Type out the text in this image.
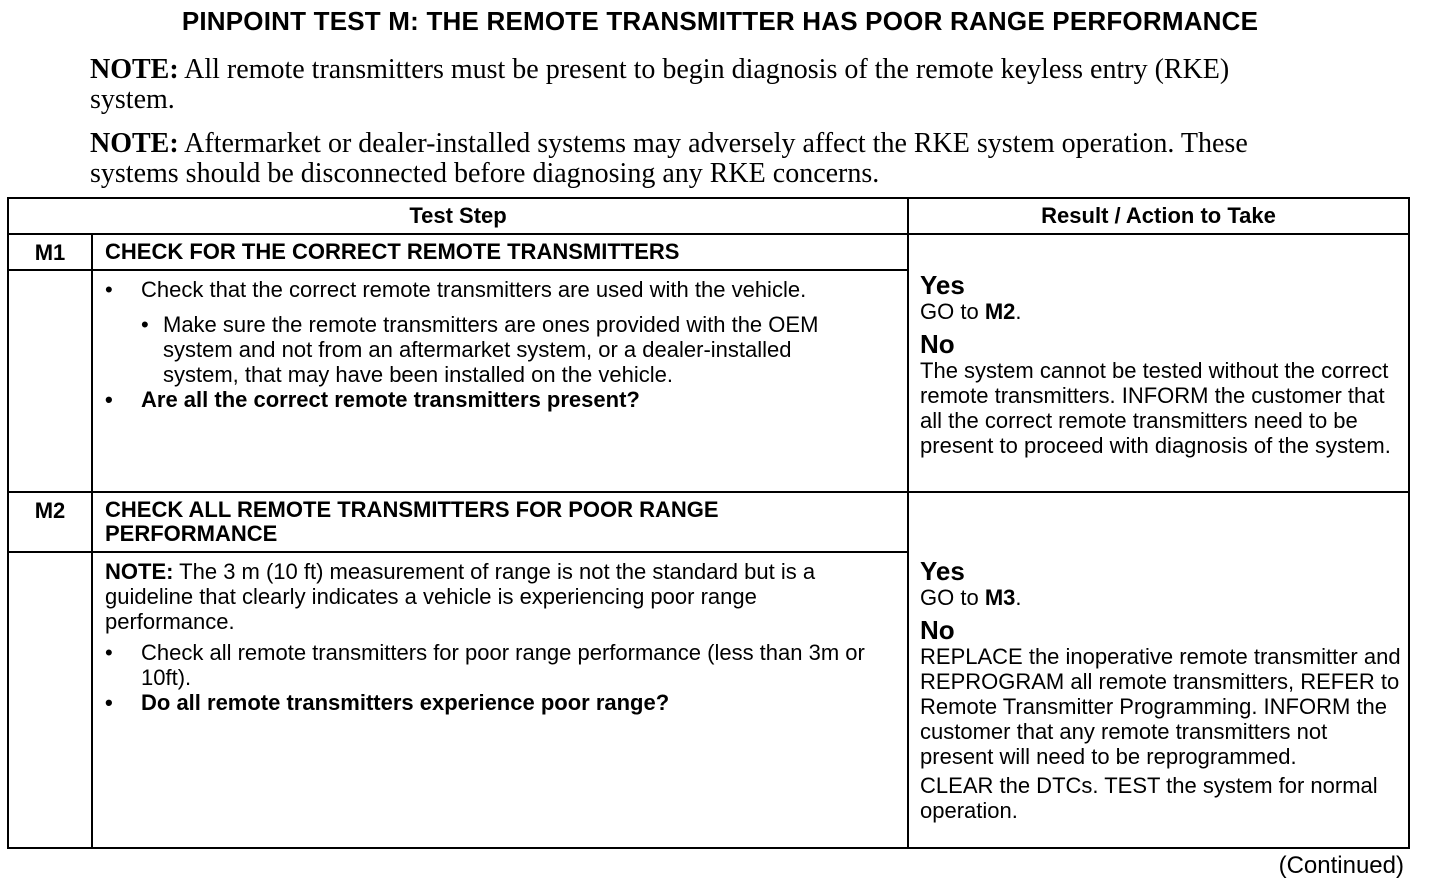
PINPOINT TEST M: THE REMOTE TRANSMITTER HAS POOR RANGE PERFORMANCE
NOTE: All remote transmitters must be present to begin diagnosis of the remote keyless entry (RKE) system.
NOTE: Aftermarket or dealer-installed systems may adversely affect the RKE system operation. These systems should be disconnected before diagnosing any RKE concerns.
Test Step		Result / Action to Take
M1	CHECK FOR THE CORRECT REMOTE TRANSMITTERS	Yes
GO to M2.
No
The system cannot be tested without the correct remote transmitters. INFORM the customer that all the correct remote transmitters need to be present to proceed with diagnosis of the system.

	• Check that the correct remote transmitters are used with the vehicle.
• Make sure the remote transmitters are ones provided with the OEM system and not from an aftermarket system, or a dealer-installed system, that may have been installed on the vehicle.
• Are all the correct remote transmitters present?

M2	CHECK ALL REMOTE TRANSMITTERS FOR POOR RANGE PERFORMANCE	Yes
GO to M3.
No
REPLACE the inoperative remote transmitter and REPROGRAM all remote transmitters, REFER to Remote Transmitter Programming. INFORM the customer that any remote transmitters not present will need to be reprogrammed.
CLEAR the DTCs. TEST the system for normal operation.

	NOTE: The 3 m (10 ft) measurement of range is not the standard but is a guideline that clearly indicates a vehicle is experiencing poor range performance.
• Check all remote transmitters for poor range performance (less than 3m or 10ft).
• Do all remote transmitters experience poor range?
(Continued)
